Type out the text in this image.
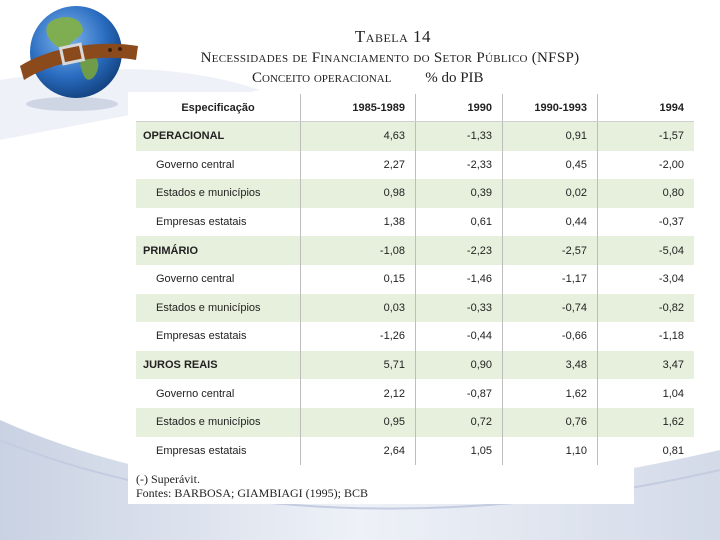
Tabela 14
Necessidades de Financiamento do Setor Público (NFSP)
Conceito operacional % do PIB
Especificação	1985-1989	1990	1990-1993	1994
OPERACIONAL	4,63	-1,33	0,91	-1,57
Governo central	2,27	-2,33	0,45	-2,00
Estados e municípios	0,98	0,39	0,02	0,80
Empresas estatais	1,38	0,61	0,44	-0,37
PRIMÁRIO	-1,08	-2,23	-2,57	-5,04
Governo central	0,15	-1,46	-1,17	-3,04
Estados e municípios	0,03	-0,33	-0,74	-0,82
Empresas estatais	-1,26	-0,44	-0,66	-1,18
JUROS REAIS	5,71	0,90	3,48	3,47
Governo central	2,12	-0,87	1,62	1,04
Estados e municípios	0,95	0,72	0,76	1,62
Empresas estatais	2,64	1,05	1,10	0,81
(-) Superávit.
Fontes: BARBOSA; GIAMBIAGI (1995); BCB
